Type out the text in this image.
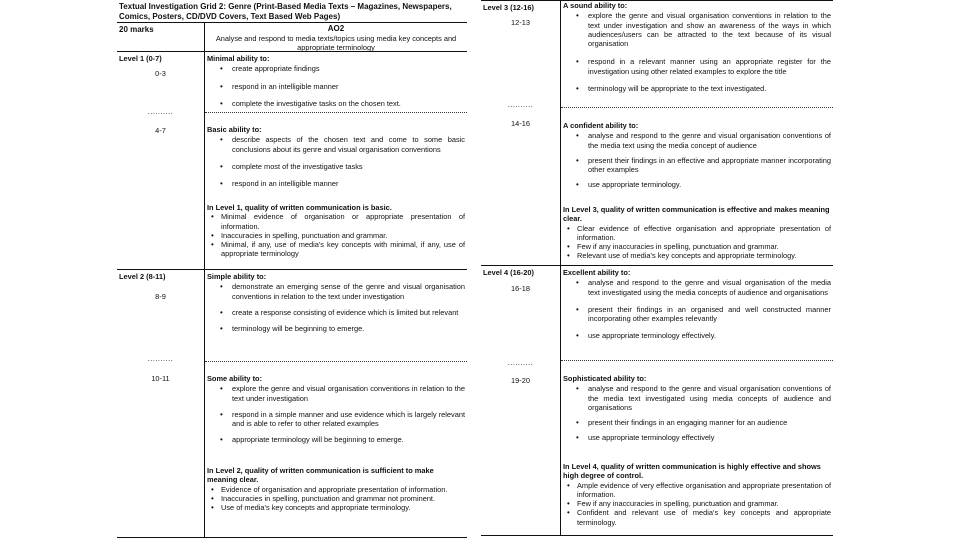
Textual Investigation Grid 2: Genre (Print-Based Media Texts – Magazines, Newspapers, Comics, Posters, CD/DVD Covers, Text Based Web Pages)
20 marks	AO2
Analyse and respond to media texts/topics using media key concepts and appropriate terminology
Level 1 (0-7)
0-3
..........
4-7
Minimal ability to:
• create appropriate findings
• respond in an intelligible manner
• complete the investigative tasks on the chosen text.
Basic ability to:
• describe aspects of the chosen text and come to some basic conclusions about its genre and visual organisation conventions
• complete most of the investigative tasks
• respond in an intelligible manner
In Level 1, quality of written communication is basic.
• Minimal evidence of organisation or appropriate presentation of information.
• Inaccuracies in spelling, punctuation and grammar.
• Minimal, if any, use of media's key concepts with minimal, if any, use of appropriate terminology
Level 2 (8-11)
8-9
..........
10-11
Simple ability to:
• demonstrate an emerging sense of the genre and visual organisation conventions in relation to the text under investigation
• create a response consisting of evidence which is limited but relevant
• terminology will be beginning to emerge.
Some ability to:
• explore the genre and visual organisation conventions in relation to the text under investigation
• respond in a simple manner and use evidence which is largely relevant and is able to refer to other related examples
• appropriate terminology will be beginning to emerge.
In Level 2, quality of written communication is sufficient to make meaning clear.
• Evidence of organisation and appropriate presentation of information.
• Inaccuracies in spelling, punctuation and grammar not prominent.
• Use of media's key concepts and appropriate terminology.
Level 3 (12-16)
12-13
..........
14-16
A sound ability to:
• explore the genre and visual organisation conventions in relation to the text under investigation and show an awareness of the ways in which audiences/users can be attracted to the text because of its visual organisation
• respond in a relevant manner using an appropriate register for the investigation using other related examples to explore the title
• terminology will be appropriate to the text investigated.
A confident ability to:
• analyse and respond to the genre and visual organisation conventions of the media text using the media concept of audience
• present their findings in an effective and appropriate manner incorporating other examples
• use appropriate terminology.
In Level 3, quality of written communication is effective and makes meaning clear.
• Clear evidence of effective organisation and appropriate presentation of information.
• Few if any inaccuracies in spelling, punctuation and grammar.
• Relevant use of media's key concepts and appropriate terminology.
Level 4 (16-20)
16-18
..........
19-20
Excellent ability to:
• analyse and respond to the genre and visual organisation of the media text investigated using the media concepts of audience and organisations
• present their findings in an organised and well constructed manner incorporating other examples relevantly
• use appropriate terminology effectively.
Sophisticated ability to:
• analyse and respond to the genre and visual organisation conventions of the media text investigated using media concepts of audience and organisations
• present their findings in an engaging manner for an audience
• use appropriate terminology effectively
In Level 4, quality of written communication is highly effective and shows high degree of control.
• Ample evidence of very effective organisation and appropriate presentation of information.
• Few if any inaccuracies in spelling, punctuation and grammar.
• Confident and relevant use of media's key concepts and appropriate terminology.
